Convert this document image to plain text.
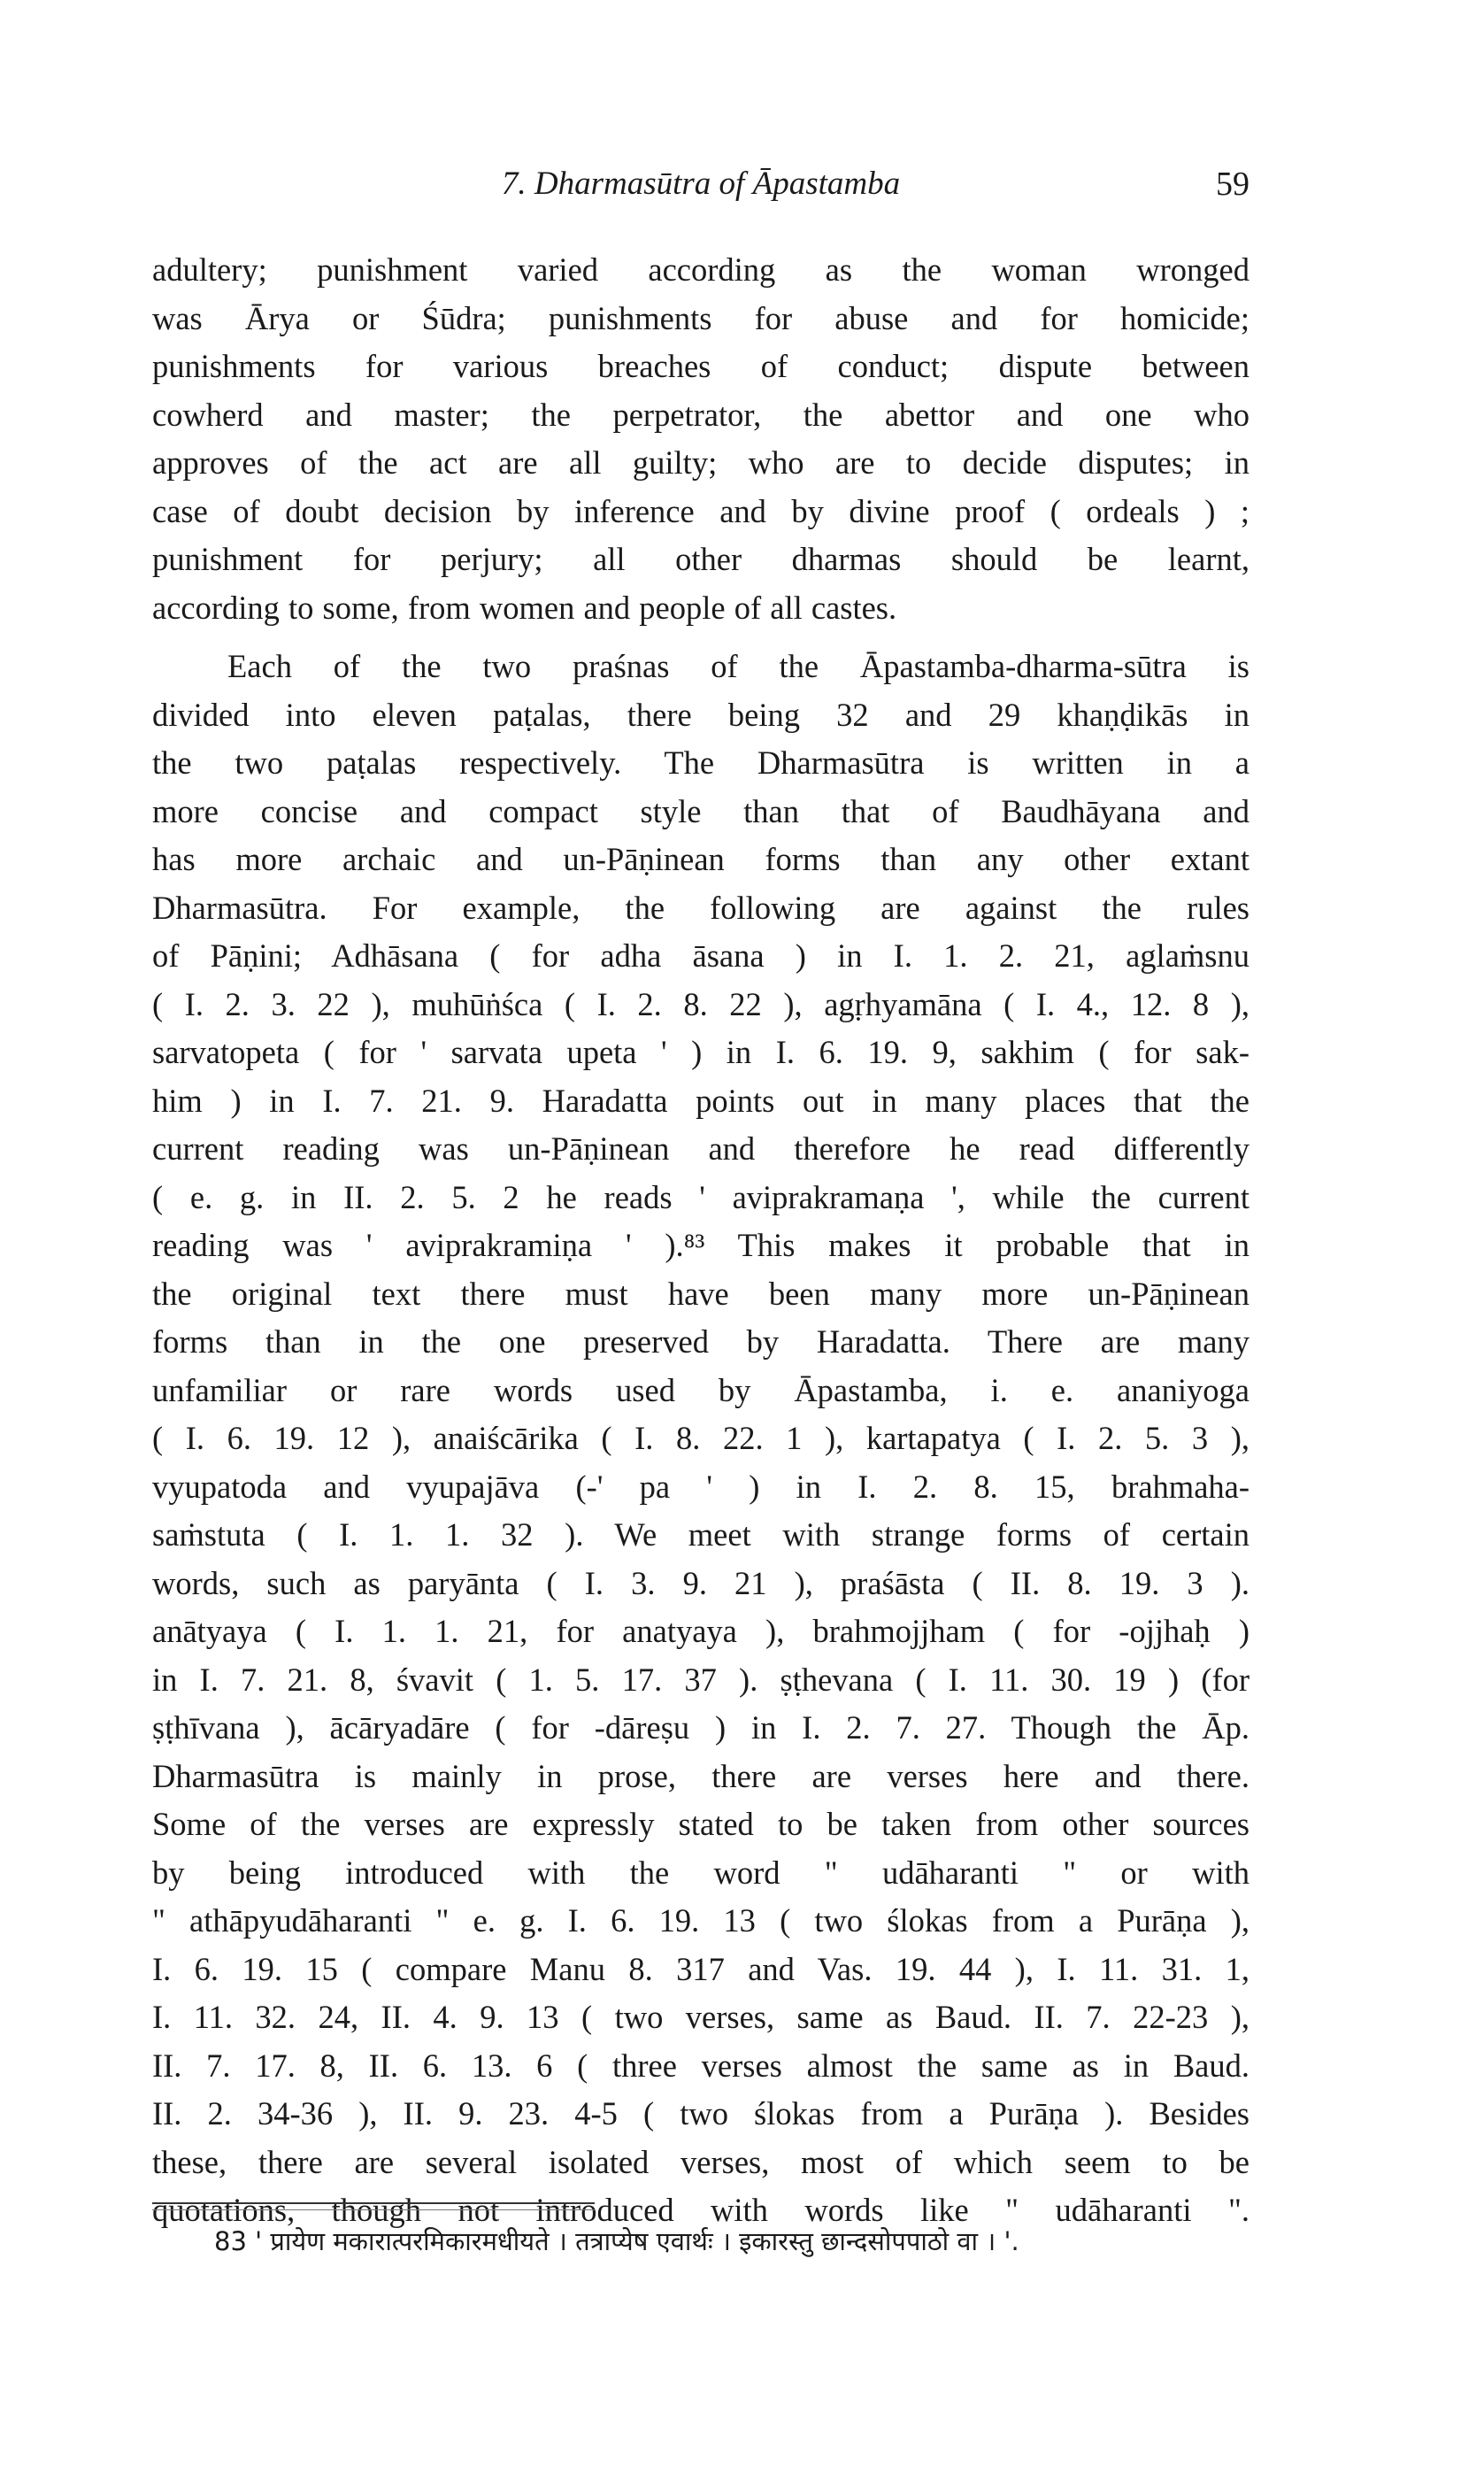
7. Dharmasūtra of Āpastamba	59

adultery; punishment varied according as the woman wronged

was Ārya or Śūdra; punishments for abuse and for homicide;

punishments for various breaches of conduct; dispute between

cowherd and master; the perpetrator, the abettor and one who

approves of the act are all guilty; who are to decide disputes; in

case of doubt decision by inference and by divine proof ( ordeals ) ;

punishment for perjury; all other dharmas should be learnt,

according to some, from women and people of all castes.

Each of the two praśnas of the Āpastamba-dharma-sūtra is

divided into eleven paṭalas, there being 32 and 29 khaṇḍikās in

the two paṭalas respectively. The Dharmasūtra is written in a

more concise and compact style than that of Baudhāyana and

has more archaic and un-Pāṇinean forms than any other extant

Dharmasūtra. For example, the following are against the rules

of Pāṇini; Adhāsana ( for adha āsana ) in I. 1. 2. 21, aglaṁsnu

( I. 2. 3. 22 ), muhūṅśca ( I. 2. 8. 22 ), agṛhyamāna ( I. 4., 12. 8 ),

sarvatopeta ( for ' sarvata upeta ' ) in I. 6. 19. 9, sakhim ( for sak-

him ) in I. 7. 21. 9. Haradatta points out in many places that the

current reading was un-Pāṇinean and therefore he read differently

( e. g. in II. 2. 5. 2 he reads ' aviprakramaṇa ', while the current

reading was ' aviprakramiṇa ' ).⁸³ This makes it probable that in

the original text there must have been many more un-Pāṇinean

forms than in the one preserved by Haradatta. There are many

unfamiliar or rare words used by Āpastamba, i. e. ananiyoga

( I. 6. 19. 12 ), anaiścārika ( I. 8. 22. 1 ), kartapatya ( I. 2. 5. 3 ),

vyupatoda and vyupajāva (-' pa ' ) in I. 2. 8. 15, brahmaha-

saṁstuta ( I. 1. 1. 32 ). We meet with strange forms of certain

words, such as paryānta ( I. 3. 9. 21 ), praśāsta ( II. 8. 19. 3 ).

anātyaya ( I. 1. 1. 21, for anatyaya ), brahmojjham ( for -ojjhaḥ )

in I. 7. 21. 8, śvavit ( 1. 5. 17. 37 ). ṣṭhevana ( I. 11. 30. 19 ) (for

ṣṭhīvana ), ācāryadāre ( for -dāreṣu ) in I. 2. 7. 27. Though the Āp.

Dharmasūtra is mainly in prose, there are verses here and there.

Some of the verses are expressly stated to be taken from other sources

by being introduced with the word " udāharanti " or with

" athāpyudāharanti " e. g. I. 6. 19. 13 ( two ślokas from a Purāṇa ),

I. 6. 19. 15 ( compare Manu 8. 317 and Vas. 19. 44 ), I. 11. 31. 1,

I. 11. 32. 24, II. 4. 9. 13 ( two verses, same as Baud. II. 7. 22-23 ),

II. 7. 17. 8, II. 6. 13. 6 ( three verses almost the same as in Baud.

II. 2. 34-36 ), II. 9. 23. 4-5 ( two ślokas from a Purāṇa ). Besides

these, there are several isolated verses, most of which seem to be

quotations, though not introduced with words like " udāharanti ".

83 ' प्रायेण मकारात्परमिकारमधीयते । तत्राप्येष एवार्थः । इकारस्तु छान्दसोपपाठो वा । '.
